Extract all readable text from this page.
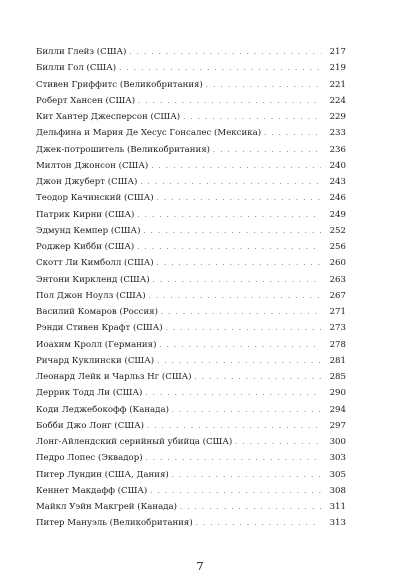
Билли Глейз (США) . . .	217
Билли Гол (США) . . .	219
Стивен Гриффитс (Великобритания) . . .	221
Роберт Хансен (США) . . .	224
Кит Хантер Джесперсон (США) . . .	229
Дельфина и Мария Де Хесус Гонсалес (Мексика) . . .	233
Джек-потрошитель (Великобритания) . . .	236
Милтон Джонсон (США) . . .	240
Джон Джуберт (США) . . .	243
Теодор Качинский (США) . . .	246
Патрик Кирни (США) . . .	249
Эдмунд Кемпер (США) . . .	252
Роджер Кибби (США) . . .	256
Скотт Ли Кимболл (США) . . .	260
Энтони Киркленд (США) . . .	263
Пол Джон Ноулз (США) . . .	267
Василий Комаров (Россия) . . .	271
Рэнди Стивен Крафт (США) . . .	273
Иоахим Кролл (Германия) . . .	278
Ричард Куклински (США) . . .	281
Леонард Лейк и Чарльз Нг (США) . . .	285
Деррик Тодд Ли (США) . . .	290
Коди Леджебокофф (Канада) . . .	294
Бобби Джо Лонг (США) . . .	297
Лонг-Айлендский серийный убийца (США) . . .	300
Педро Лопес (Эквадор) . . .	303
Питер Лундин (США, Дания) . . .	305
Кеннет Макдафф (США) . . .	308
Майкл Уэйн Макгрей (Канада) . . .	311
Питер Мануэль (Великобритания) . . .	313
7
